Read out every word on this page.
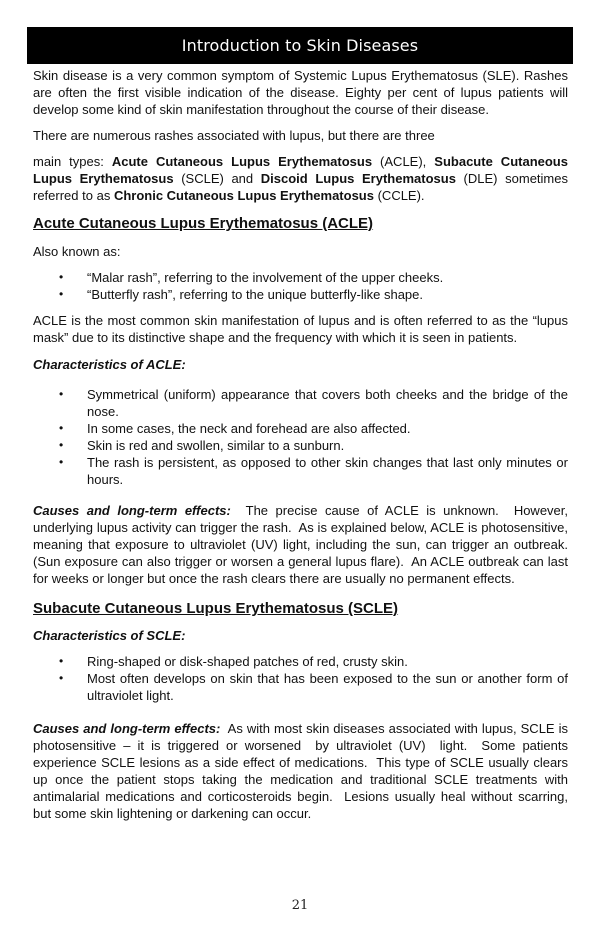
Introduction to Skin Diseases

Skin disease is a very common symptom of Systemic Lupus Erythematosus (SLE). Rashes are often the first visible indication of the disease. Eighty per cent of lupus patients will develop some kind of skin manifestation throughout the course of their disease.

There are numerous rashes associated with lupus, but there are three

main types: Acute Cutaneous Lupus Erythematosus (ACLE), Subacute Cutaneous Lupus Erythematosus (SCLE) and Discoid Lupus Erythematosus (DLE) sometimes referred to as Chronic Cutaneous Lupus Erythematosus (CCLE).

Acute Cutaneous Lupus Erythematosus (ACLE)

Also known as:

• “Malar rash”, referring to the involvement of the upper cheeks.
• “Butterfly rash”, referring to the unique butterfly-like shape.

ACLE is the most common skin manifestation of lupus and is often referred to as the “lupus mask” due to its distinctive shape and the frequency with which it is seen in patients.

Characteristics of ACLE:

• Symmetrical (uniform) appearance that covers both cheeks and the bridge of the nose.
• In some cases, the neck and forehead are also affected.
• Skin is red and swollen, similar to a sunburn.
• The rash is persistent, as opposed to other skin changes that last only minutes or hours.

Causes and long-term effects:  The precise cause of ACLE is unknown.  However, underlying lupus activity can trigger the rash.  As is explained below, ACLE is photosensitive, meaning that exposure to ultraviolet (UV) light, including the sun, can trigger an outbreak.  (Sun exposure can also trigger or worsen a general lupus flare).  An ACLE outbreak can last for weeks or longer but once the rash clears there are usually no permanent effects.

Subacute Cutaneous Lupus Erythematosus (SCLE)

Characteristics of SCLE:

• Ring-shaped or disk-shaped patches of red, crusty skin.
• Most often develops on skin that has been exposed to the sun or another form of ultraviolet light.

Causes and long-term effects:  As with most skin diseases associated with lupus, SCLE is photosensitive – it is triggered or worsened  by ultraviolet (UV)  light.  Some patients experience SCLE lesions as a side effect of medications.  This type of SCLE usually clears up once the patient stops taking the medication and traditional SCLE treatments with antimalarial medications and corticosteroids begin.  Lesions usually heal without scarring, but some skin lightening or darkening can occur.

21
